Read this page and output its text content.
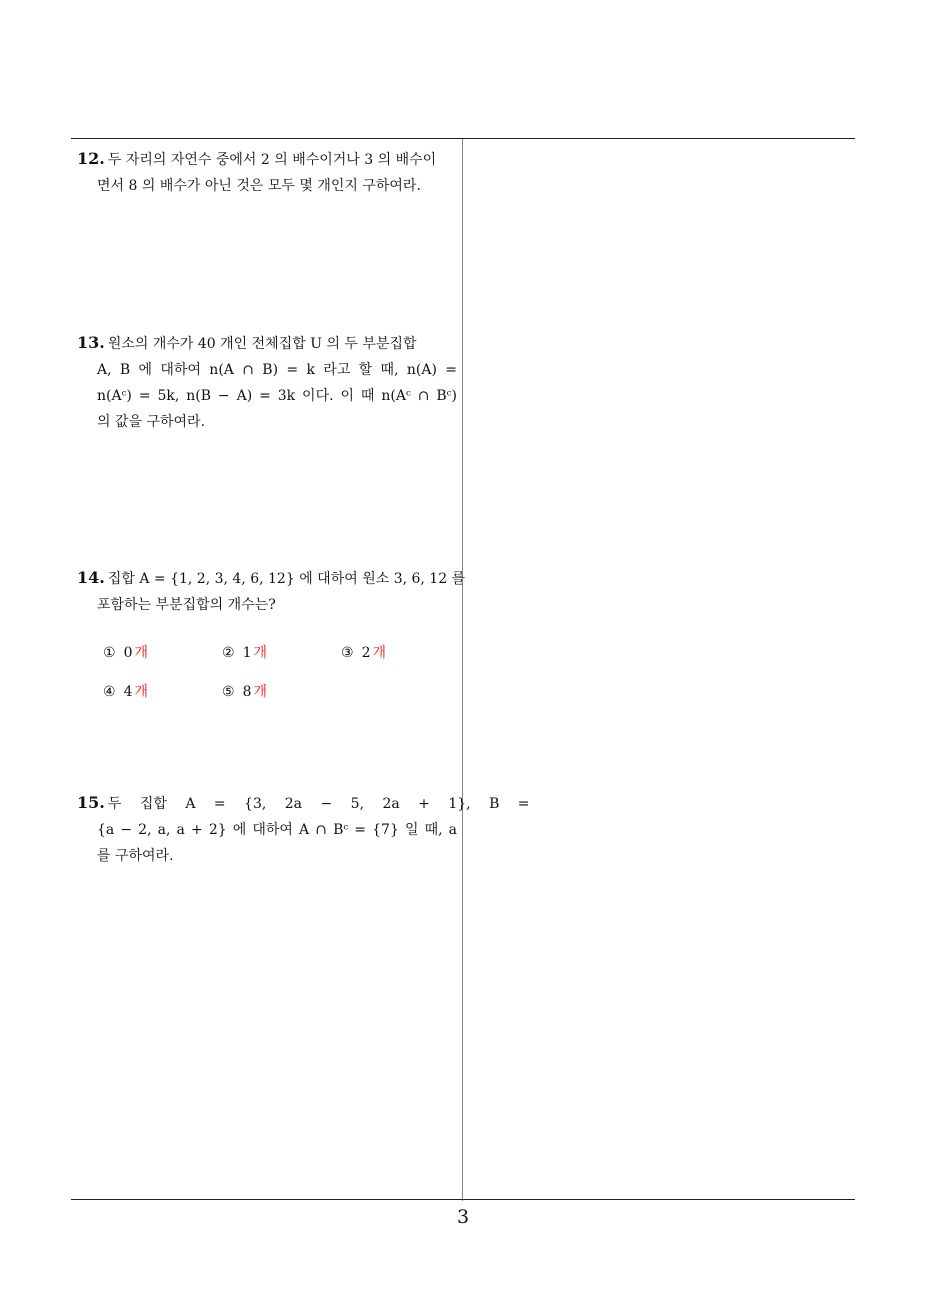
12. 두 자리의 자연수 중에서 2 의 배수이거나 3 의 배수이
면서 8 의 배수가 아닌 것은 모두 몇 개인지 구하여라.
13. 원소의 개수가 40 개인 전체집합 U 의 두 부분집합
A, B 에 대하여 n(A ∩ B) = k 라고 할 때, n(A) =
n(Aᶜ) = 5k, n(B − A) = 3k 이다. 이 때 n(Aᶜ ∩ Bᶜ)
의 값을 구하여라.
14. 집합 A = {1, 2, 3, 4, 6, 12} 에 대하여 원소 3, 6, 12 를
포함하는 부분집합의 개수는?
① 0 개	② 1 개	③ 2 개
④ 4 개	⑤ 8 개
15. 두 집합 A = {3, 2a − 5, 2a + 1}, B =
{a − 2, a, a + 2} 에 대하여 A ∩ Bᶜ = {7} 일 때, a
를 구하여라.
3
